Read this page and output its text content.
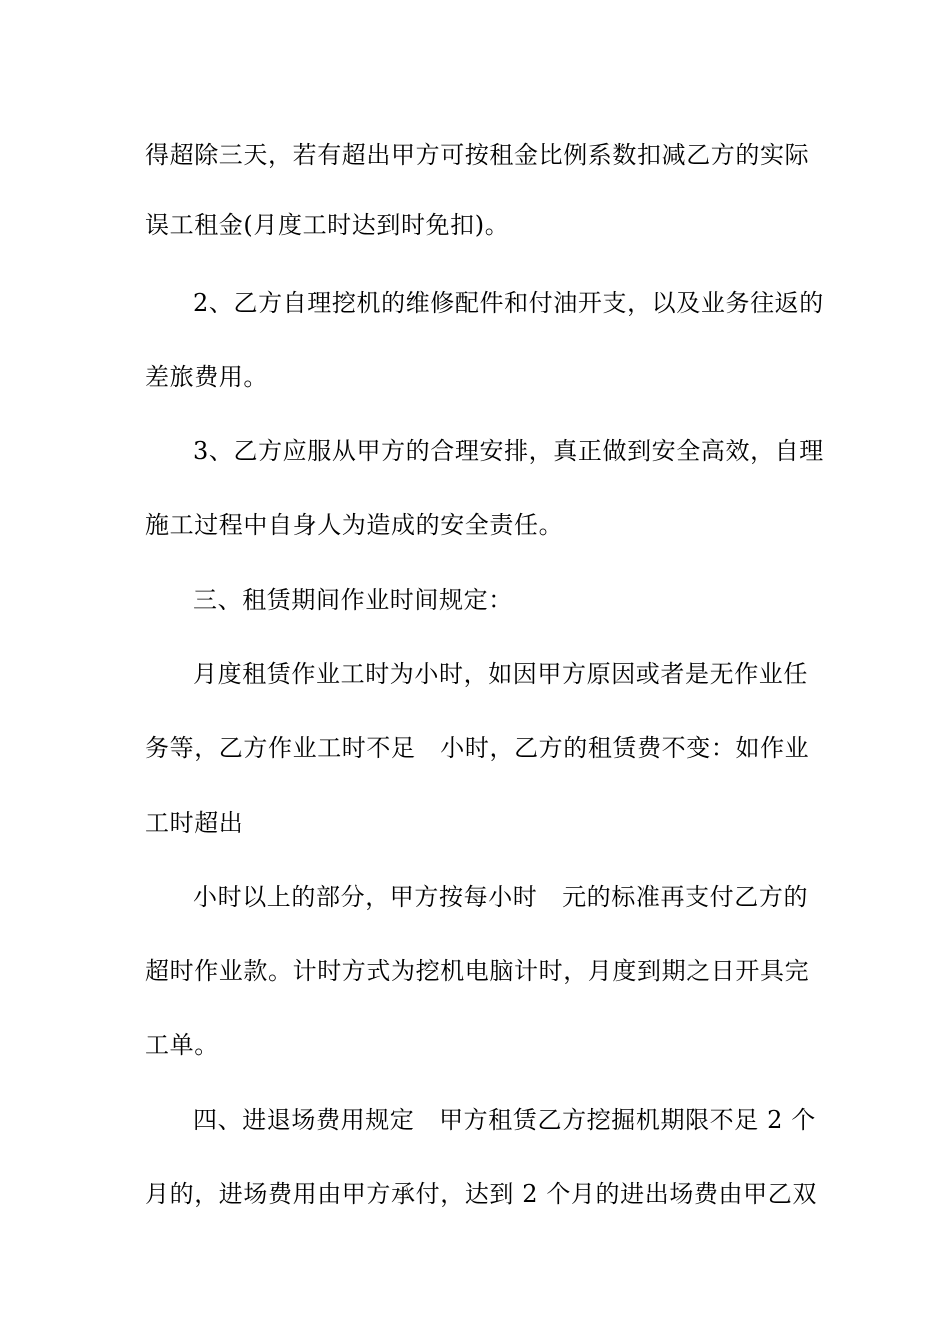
得超除三天，若有超出甲方可按租金比例系数扣减乙方的实际
误工租金(月度工时达到时免扣)。
2、乙方自理挖机的维修配件和付油开支，以及业务往返的
差旅费用。
3、乙方应服从甲方的合理安排，真正做到安全高效，自理
施工过程中自身人为造成的安全责任。
三、租赁期间作业时间规定：
月度租赁作业工时为小时，如因甲方原因或者是无作业任
务等，乙方作业工时不足   小时，乙方的租赁费不变：如作业
工时超出
小时以上的部分，甲方按每小时   元的标准再支付乙方的
超时作业款。计时方式为挖机电脑计时，月度到期之日开具完
工单。
四、进退场费用规定   甲方租赁乙方挖掘机期限不足 2 个
月的，进场费用由甲方承付，达到 2 个月的进出场费由甲乙双
